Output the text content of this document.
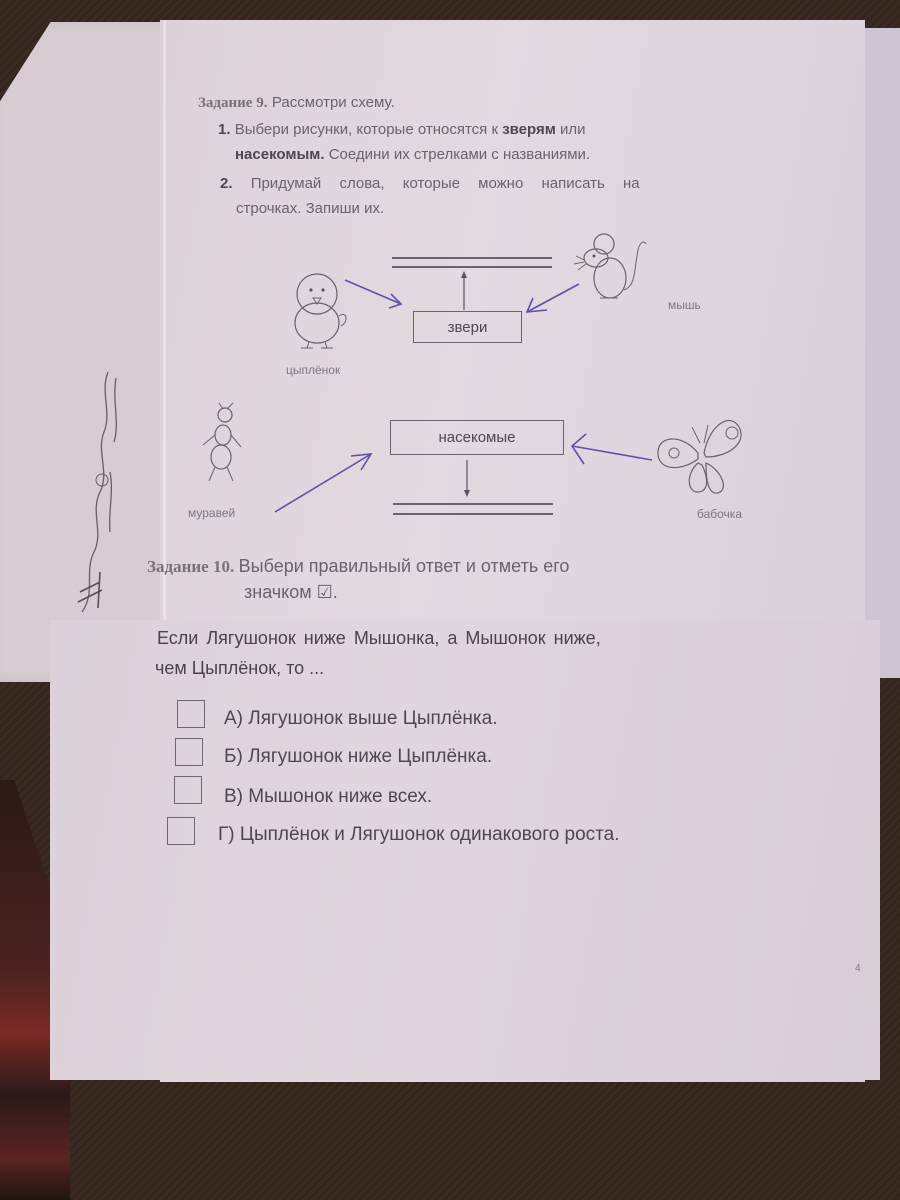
Задание 9. Рассмотри схему.
1. Выбери рисунки, которые относятся к зверям или
насекомым. Соедини их стрелками с названиями.
2. Придумай слова, которые можно написать на
строчках. Запиши их.
звери
цыплёнок
мышь
насекомые
муравей	бабочка
Задание 10. Выбери правильный ответ и отметь его
значком ☑.
Если Лягушонок ниже Мышонка, а Мышонок ниже,
чем Цыплёнок, то ...
А) Лягушонок выше Цыплёнка.
Б) Лягушонок ниже Цыплёнка.
В) Мышонок ниже всех.
Г) Цыплёнок и Лягушонок одинакового роста.
4
